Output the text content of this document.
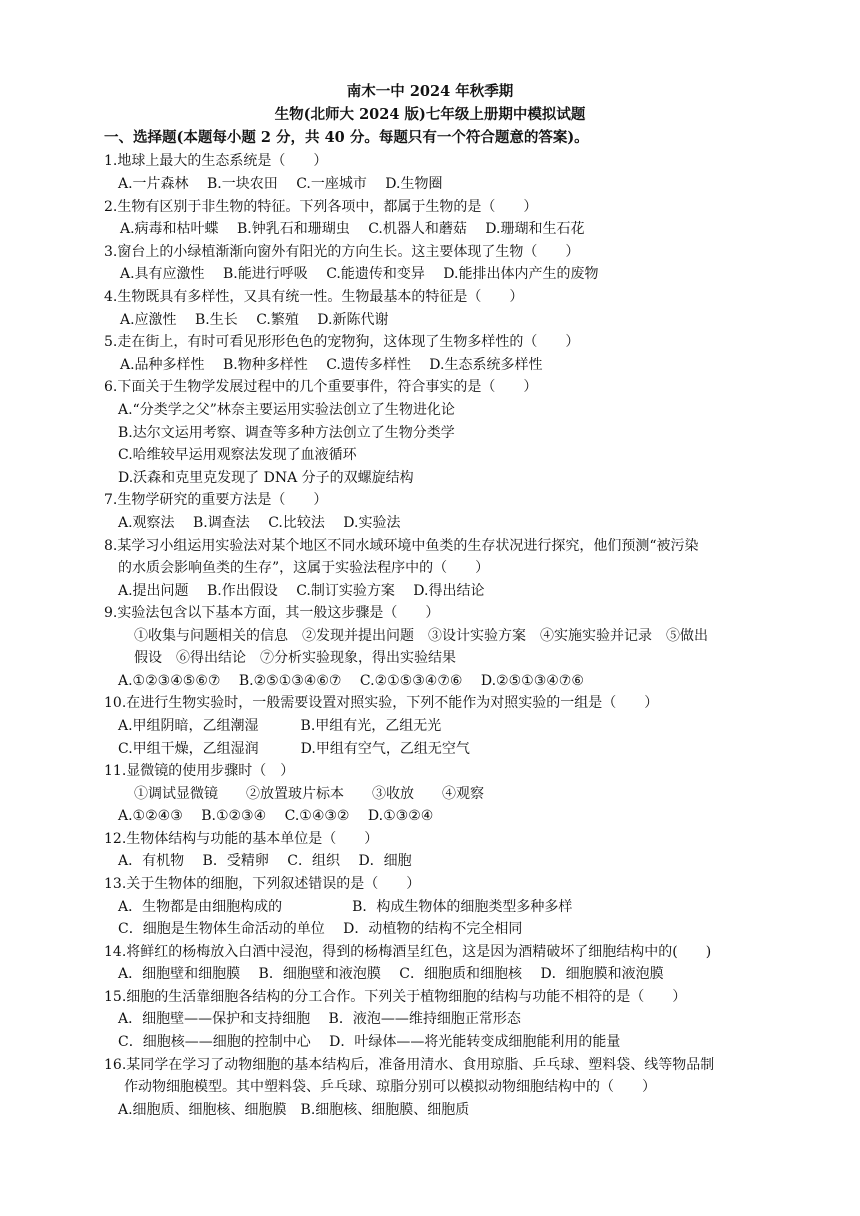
南木一中 2024 年秋季期
生物(北师大 2024 版)七年级上册期中模拟试题
一、选择题(本题每小题 2 分，共 40 分。每题只有一个符合题意的答案)。
1.地球上最大的生态系统是（　　）
A.一片森林　 B.一块农田　 C.一座城市　 D.生物圈
2.生物有区别于非生物的特征。下列各项中，都属于生物的是（　　）
A.病毒和枯叶蝶　 B.钟乳石和珊瑚虫　 C.机器人和蘑菇　 D.珊瑚和生石花
3.窗台上的小绿植渐渐向窗外有阳光的方向生长。这主要体现了生物（　　）
A.具有应激性　 B.能进行呼吸　 C.能遗传和变异　 D.能排出体内产生的废物
4.生物既具有多样性，又具有统一性。生物最基本的特征是（　　）
A.应激性　 B.生长　 C.繁殖　 D.新陈代谢
5.走在街上，有时可看见形形色色的宠物狗，这体现了生物多样性的（　　）
A.品种多样性　 B.物种多样性　 C.遗传多样性　 D.生态系统多样性
6.下面关于生物学发展过程中的几个重要事件，符合事实的是（　　）
A.“分类学之父”林奈主要运用实验法创立了生物进化论
B.达尔文运用考察、调查等多种方法创立了生物分类学
C.哈维较早运用观察法发现了血液循环
D.沃森和克里克发现了 DNA 分子的双螺旋结构
7.生物学研究的重要方法是（　　）
A.观察法　 B.调查法　 C.比较法　 D.实验法
8.某学习小组运用实验法对某个地区不同水域环境中鱼类的生存状况进行探究，他们预测“被污染
的水质会影响鱼类的生存”，这属于实验法程序中的（　　）
A.提出问题　 B.作出假设　 C.制订实验方案　 D.得出结论
9.实验法包含以下基本方面，其一般这步骤是（　　）
①收集与问题相关的信息　②发现并提出问题　③设计实验方案　④实施实验并记录　⑤做出
假设　⑥得出结论　⑦分析实验现象，得出实验结果
A.①②③④⑤⑥⑦　 B.②⑤①③④⑥⑦　 C.②①⑤③④⑦⑥　 D.②⑤①③④⑦⑥
10.在进行生物实验时，一般需要设置对照实验，下列不能作为对照实验的一组是（　　）
A.甲组阴暗，乙组潮湿　　　B.甲组有光，乙组无光
C.甲组干燥，乙组湿润　　　D.甲组有空气，乙组无空气
11.显微镜的使用步骤时（　）
①调试显微镜　　②放置玻片标本　　③收放　　④观察
A.①②④③　 B.①②③④　 C.①④③②　 D.①③②④
12.生物体结构与功能的基本单位是（　　）
A．有机物　 B．受精卵　 C．组织　 D．细胞
13.关于生物体的细胞，下列叙述错误的是（　　）
A．生物都是由细胞构成的　　　　　B．构成生物体的细胞类型多种多样
C．细胞是生物体生命活动的单位　 D．动植物的结构不完全相同
14.将鲜红的杨梅放入白酒中浸泡，得到的杨梅酒呈红色，这是因为酒精破坏了细胞结构中的(　　)
A．细胞壁和细胞膜　 B．细胞壁和液泡膜　 C．细胞质和细胞核　 D．细胞膜和液泡膜
15.细胞的生活靠细胞各结构的分工合作。下列关于植物细胞的结构与功能不相符的是（　　）
A．细胞壁——保护和支持细胞　 B．液泡——维持细胞正常形态
C．细胞核——细胞的控制中心　 D．叶绿体——将光能转变成细胞能利用的能量
16.某同学在学习了动物细胞的基本结构后，准备用清水、食用琼脂、乒乓球、塑料袋、线等物品制
作动物细胞模型。其中塑料袋、乒乓球、琼脂分别可以模拟动物细胞结构中的（　　）
A.细胞质、细胞核、细胞膜　B.细胞核、细胞膜、细胞质
